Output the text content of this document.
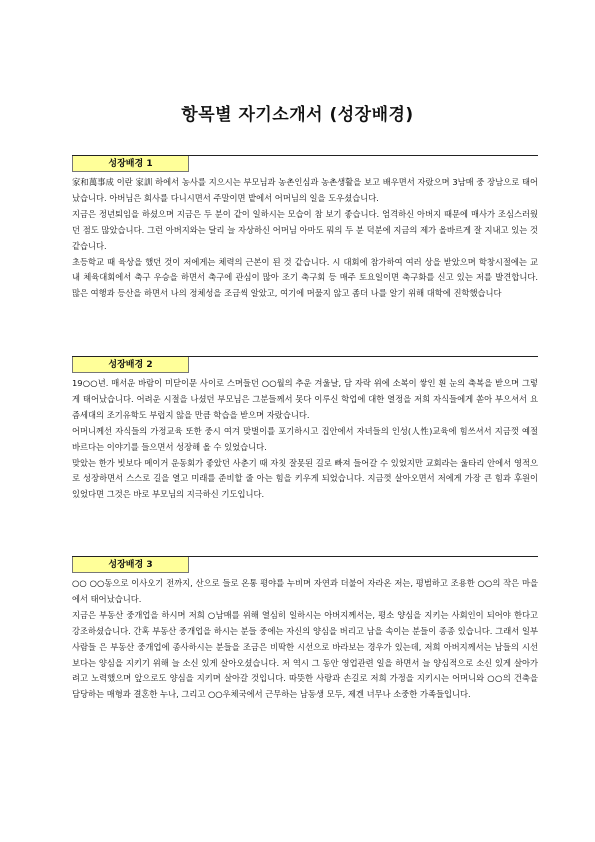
항목별 자기소개서 (성장배경)
성장배경 1

家和萬事成 이란 家訓 하에서 농사를 지으시는 부모님과 농촌인심과 농촌생활을 보고 배우면서 자랐으며 3남매 중 장남으로 태어났습니다. 아버님은 회사를 다니시면서 주말이면 밭에서 어머님의 일을 도우셨습니다.

지금은 정년퇴임을 하셨으며 지금은 두 분이 같이 일하시는 모습이 참 보기 좋습니다. 엄격하신 아버지 때문에 매사가 조심스러웠던 점도 많았습니다. 그런 아버지와는 달리 늘 자상하신 어머님 아마도 뭐의 두 분 덕분에 지금의 제가 올바르게 잘 지내고 있는 것 같습니다.

초등학교 때 육상을 했던 것이 저에게는 체력의 근본이 된 것 같습니다. 시 대회에 참가하여 여러 상을 받았으며 학창시절에는 교내 체육대회에서 축구 우승을 하면서 축구에 관심이 많아 조기 축구회 등 매주 토요일이면 축구화를 신고 있는 저를 발견합니다. 많은 여행과 등산을 하면서 나의 정체성을 조금씩 알았고, 여기에 머물지 않고 좀더 나를 알기 위해 대학에 진학했습니다

성장배경 2

19○○년. 매서운 바람이 미닫이문 사이로 스며들던 ○○월의 추운 겨울날, 담 자락 위에 소복이 쌓인 흰 눈의 축복을 받으며 그렇게 태어났습니다. 어려운 시절을 나셨던 부모님은 그분들께서 못다 이루신 학업에 대한 열정을 저희 자식들에게 쏟아 부으셔서 요즘세대의 조기유학도 부럽지 않을 만큼 학습을 받으며 자랐습니다.

어머니께선 자식들의 가정교육 또한 중시 여겨 맞벌이를 포기하시고 집안에서 자녀들의 인성(人性)교육에 힘쓰셔서 지금껏 예절 바르다는 이야기를 들으면서 성장해 올 수 있었습니다.

맞았는 한가 빗보다 메이거 운동회가 좋았던 사춘기 때 자칫 잘못된 길로 빠져 들어갈 수 있었지만 교회라는 울타리 안에서 영적으로 성장하면서 스스로 길을 열고 미래를 준비할 줄 아는 힘을 키우게 되었습니다. 지금껏 살아오면서 저에게 가장 큰 힘과 후원이 있었다면 그것은 바로 부모님의 지극하신 기도입니다.

성장배경 3

○○ ○○동으로 이사오기 전까지, 산으로 들로 온통 평야를 누비며 자연과 더불어 자라온 저는, 평범하고 조용한 ○○의 작은 마을에서 태어났습니다.

지금은 부동산 중개업을 하시며 저희 ○남매를 위해 열심히 일하시는 아버지께서는, 평소 양심을 지키는 사회인이 되어야 한다고 강조하셨습니다. 간혹 부동산 중개업을 하시는 분들 중에는 자신의 양심을 버리고 남을 속이는 분들이 종종 있습니다. 그래서 일부 사람들 은 부동산 중개업에 종사하시는 분들을 조금은 비딱한 시선으로 바라보는 경우가 있는데, 저희 아버지께서는 남들의 시선보다는 양심을 지키기 위해 늘 소신 있게 살아오셨습니다. 저 역시 그 동안 영업관련 일을 하면서 늘 양심적으로 소신 있게 살아가려고 노력했으며 앞으로도 양심을 지키며 살아갈 것입니다. 따뜻한 사랑과 손길로 저희 가정을 지키시는 어머니와 ○○의 건축을 담당하는 매형과 결혼한 누나, 그리고 ○○우체국에서 근무하는 남동생 모두, 제겐 너무나 소중한 가족들입니다.
